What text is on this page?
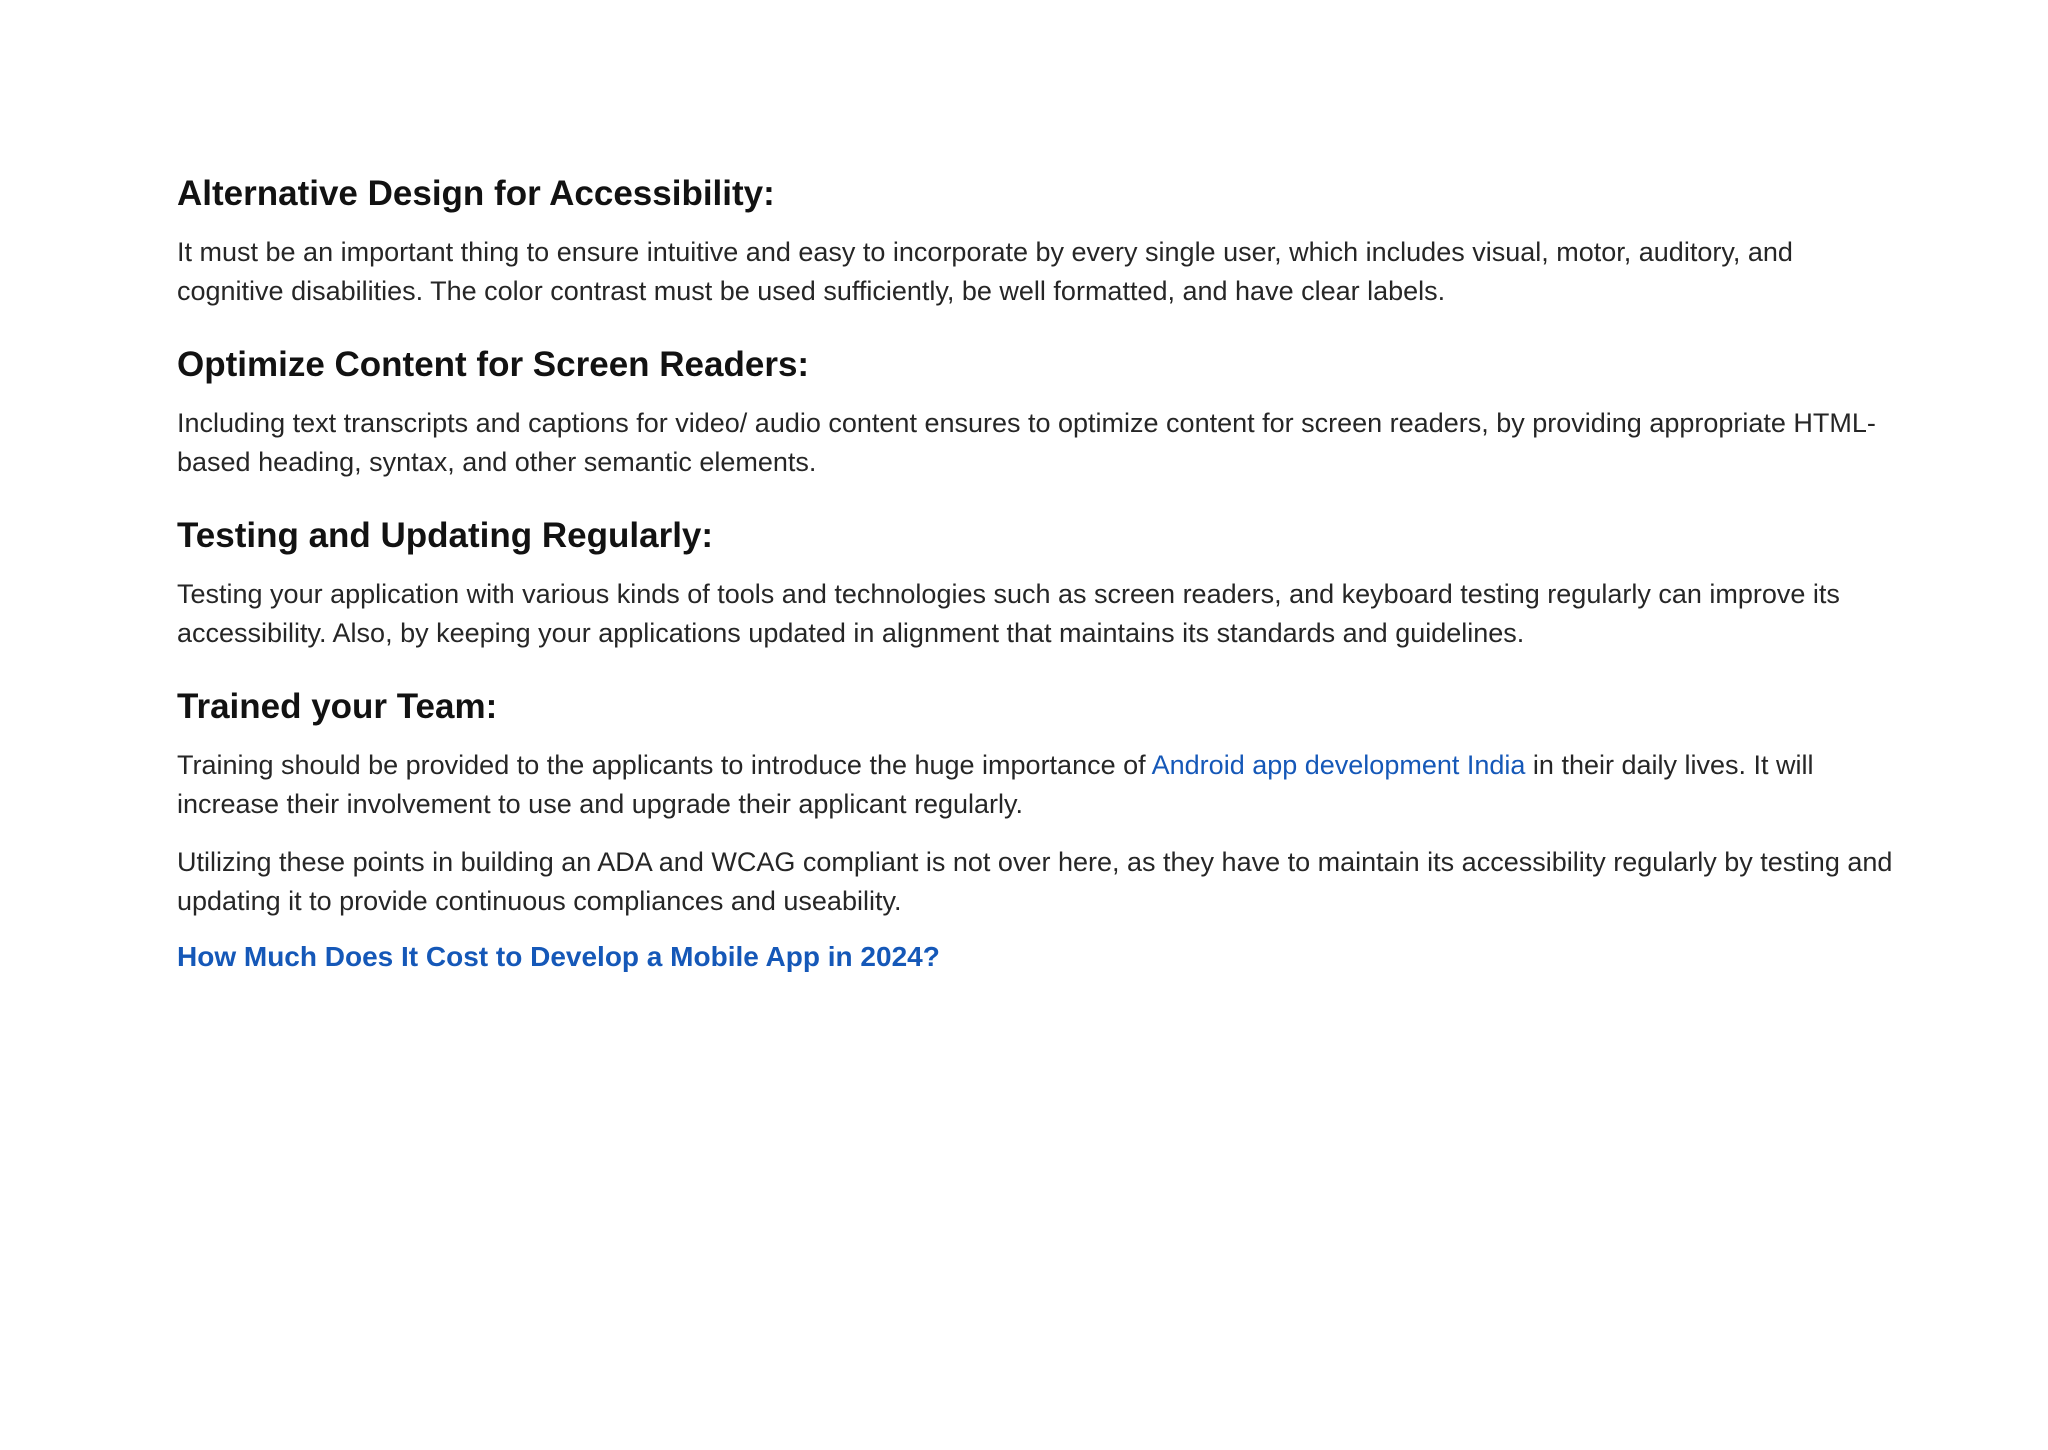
Alternative Design for Accessibility:

It must be an important thing to ensure intuitive and easy to incorporate by every single user, which includes visual, motor, auditory, and cognitive disabilities. The color contrast must be used sufficiently, be well formatted, and have clear labels.

Optimize Content for Screen Readers:

Including text transcripts and captions for video/ audio content ensures to optimize content for screen readers, by providing appropriate HTML-based heading, syntax, and other semantic elements.

Testing and Updating Regularly:

Testing your application with various kinds of tools and technologies such as screen readers, and keyboard testing regularly can improve its accessibility. Also, by keeping your applications updated in alignment that maintains its standards and guidelines.

Trained your Team:

Training should be provided to the applicants to introduce the huge importance of Android app development India in their daily lives. It will increase their involvement to use and upgrade their applicant regularly.

Utilizing these points in building an ADA and WCAG compliant is not over here, as they have to maintain its accessibility regularly by testing and updating it to provide continuous compliances and useability.

How Much Does It Cost to Develop a Mobile App in 2024?
